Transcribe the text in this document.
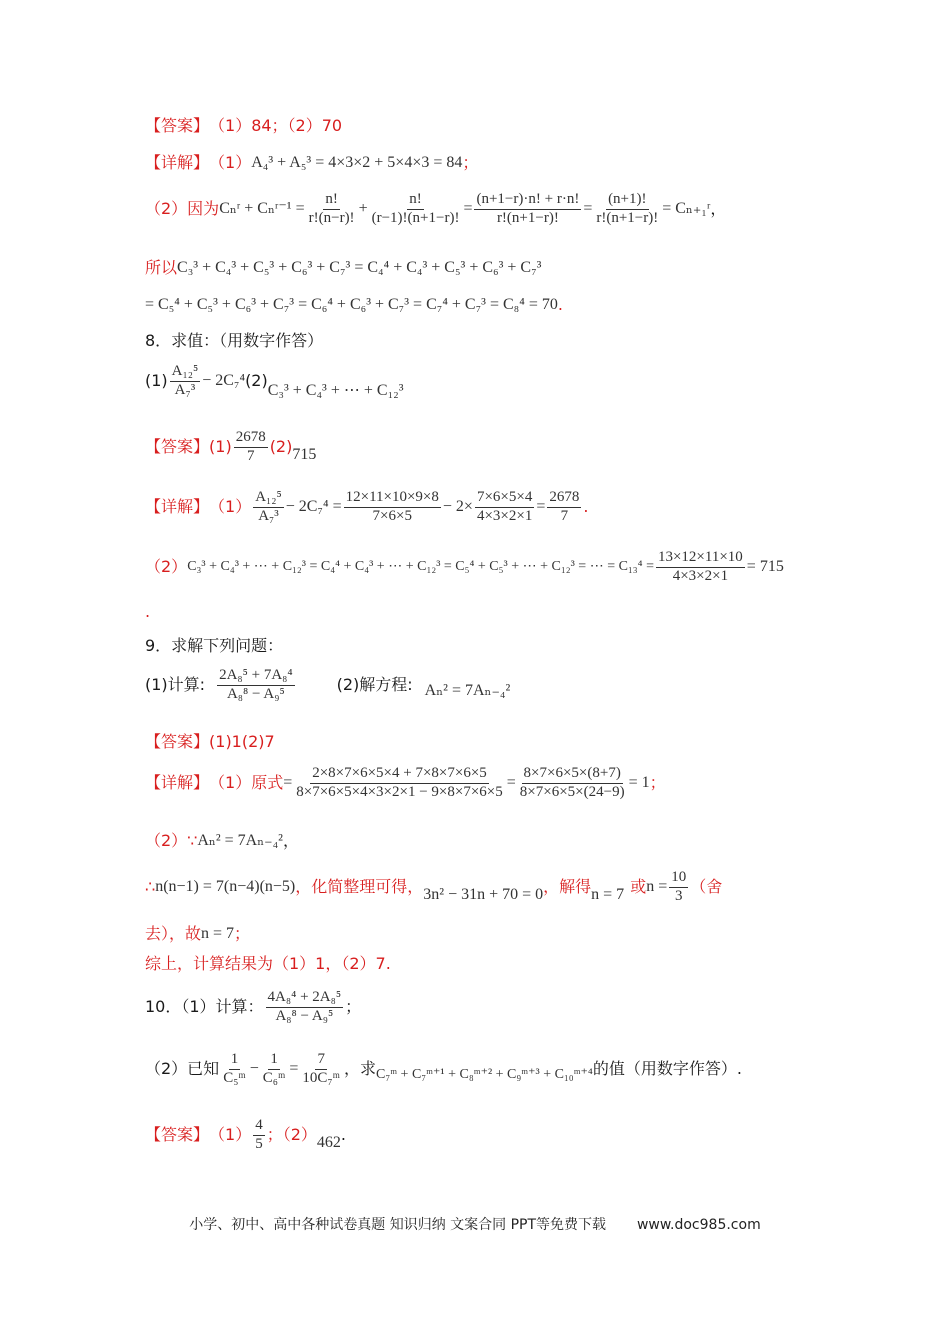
【答案】 （1）84；（2）70
【详解】 （1） A₄³ + A₅³ = 4×3×2 + 5×4×3 = 84 ；
（2）因为 Cₙʳ + Cₙʳ⁻¹ = $\frac{n!}{r!(n-r)!} + \frac{n!}{(r-1)!(n+1-r)!} = \frac{(n+1-r)\cdot n! + r\cdot n!}{r!(n+1-r)!} = \frac{(n+1)!}{r!(n+1-r)!}$ = Cₙ₊₁ʳ ，
所以 C₃³ + C₄³ + C₅³ + C₆³ + C₇³ = C₄⁴ + C₄³ + C₅³ + C₆³ + C₇³
= C₅⁴ + C₅³ + C₆³ + C₇³ = C₆⁴ + C₆³ + C₇³ = C₇⁴ + C₇³ = C₈⁴ = 70 .
8．求值：（用数字作答）
$(1) \frac{\text{A₁₂⁵}}{\text{A₇³}} - 2C_7^4$ (2)
C₃³ + C₄³ + ⋯ + C₁₂³
【答案】 $(1) \frac{2678}{7} (2)$ 715
【详解】 $(1) \frac{\text{A₁₂⁵}}{\text{A₇³}} - 2C_7^4 = \frac{12\times 11\times 10\times 9\times 8}{7\times 6\times 5} - 2\times \frac{7\times 6\times 5\times 4}{4\times 3\times 2\times 1} = \frac{2678}{7}$ .
（2） C₃³ + C₄³ + ⋯ + C₁₂³ = C₄⁴ + C₄³ + ⋯ + C₁₂³ = C₅⁴ + C₅³ + ⋯ + C₁₂³ = ⋯ = $C_{13}^4 = \frac{13\times 12\times 11\times 10}{4\times 3\times 2\times 1} = 715$
.
9．求解下列问题：
(1)计算: $\frac{\text{2A₈⁵ + 7A₈⁴}}{\text{A₈⁸ − A₉⁵}}$	(2)解方程: Aₙ² = 7Aₙ₋₄²
【答案】 (1)1(2)7
【详解】 （1）原式 = $\frac{2\times 8\times 7\times 6\times 5\times 4 + 7\times 8\times 7\times 6\times 5}{8\times 7\times 6\times 5\times 4\times 3\times 2\times 1 - 9\times 8\times 7\times 6\times 5} = \frac{8\times 7\times 6\times 5\times(8+7)}{8\times 7\times 6\times 5\times(24-9)} = 1$ ；
（2）∵ Aₙ² = 7Aₙ₋₄² ，
∴ n(n−1) = 7(n−4)(n−5) ，化简整理可得， 3n² − 31n + 70 = 0 ，解得 n = 7 或 $n = \frac{10}{3}$ （舍
去），故 n = 7 ；
综上，计算结果为（1）1，（2）7.
10．（1）计算： $\frac{\text{4A₈⁴ + 2A₈⁵}}{\text{A₈⁸ − A₉⁵}}$ ；
（2）已知 $\frac{1}{\text{C₅ᵐ}} - \frac{1}{\text{C₆ᵐ}} = \frac{7}{\text{10C₇ᵐ}}$ ，求 C₇ᵐ + C₇ᵐ⁺¹ + C₈ᵐ⁺² + C₉ᵐ⁺³ + C₁₀ᵐ⁺⁴ 的值（用数字作答）.
【答案】 $(1) \frac{4}{5}$ ；（2） 462 .
小学、初中、高中各种试卷真题 知识归纳 文案合同 PPT等免费下载 www.doc985.com
